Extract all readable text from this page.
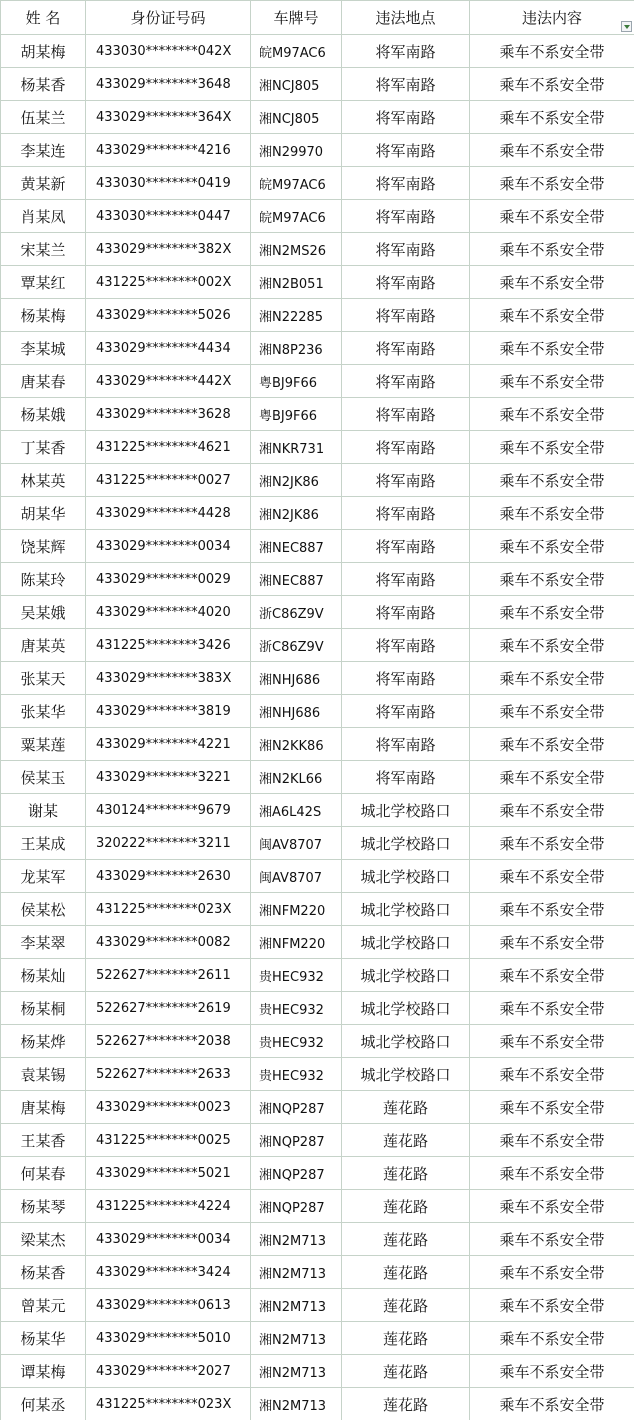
姓 名	身份证号码	车牌号	违法地点	违法内容

胡某梅	433030********042X	皖M97AC6	将军南路	乘车不系安全带
杨某香	433029********3648	湘NCJ805	将军南路	乘车不系安全带
伍某兰	433029********364X	湘NCJ805	将军南路	乘车不系安全带
李某连	433029********4216	湘N29970	将军南路	乘车不系安全带
黄某新	433030********0419	皖M97AC6	将军南路	乘车不系安全带
肖某凤	433030********0447	皖M97AC6	将军南路	乘车不系安全带
宋某兰	433029********382X	湘N2MS26	将军南路	乘车不系安全带
覃某红	431225********002X	湘N2B051	将军南路	乘车不系安全带
杨某梅	433029********5026	湘N22285	将军南路	乘车不系安全带
李某城	433029********4434	湘N8P236	将军南路	乘车不系安全带
唐某春	433029********442X	粤BJ9F66	将军南路	乘车不系安全带
杨某娥	433029********3628	粤BJ9F66	将军南路	乘车不系安全带
丁某香	431225********4621	湘NKR731	将军南路	乘车不系安全带
林某英	431225********0027	湘N2JK86	将军南路	乘车不系安全带
胡某华	433029********4428	湘N2JK86	将军南路	乘车不系安全带
饶某辉	433029********0034	湘NEC887	将军南路	乘车不系安全带
陈某玲	433029********0029	湘NEC887	将军南路	乘车不系安全带
吴某娥	433029********4020	浙C86Z9V	将军南路	乘车不系安全带
唐某英	431225********3426	浙C86Z9V	将军南路	乘车不系安全带
张某天	433029********383X	湘NHJ686	将军南路	乘车不系安全带
张某华	433029********3819	湘NHJ686	将军南路	乘车不系安全带
粟某莲	433029********4221	湘N2KK86	将军南路	乘车不系安全带
侯某玉	433029********3221	湘N2KL66	将军南路	乘车不系安全带
谢某	430124********9679	湘A6L42S	城北学校路口	乘车不系安全带
王某成	320222********3211	闽AV8707	城北学校路口	乘车不系安全带
龙某军	433029********2630	闽AV8707	城北学校路口	乘车不系安全带
侯某松	431225********023X	湘NFM220	城北学校路口	乘车不系安全带
李某翠	433029********0082	湘NFM220	城北学校路口	乘车不系安全带
杨某灿	522627********2611	贵HEC932	城北学校路口	乘车不系安全带
杨某桐	522627********2619	贵HEC932	城北学校路口	乘车不系安全带
杨某烨	522627********2038	贵HEC932	城北学校路口	乘车不系安全带
袁某锡	522627********2633	贵HEC932	城北学校路口	乘车不系安全带
唐某梅	433029********0023	湘NQP287	莲花路	乘车不系安全带
王某香	431225********0025	湘NQP287	莲花路	乘车不系安全带
何某春	433029********5021	湘NQP287	莲花路	乘车不系安全带
杨某琴	431225********4224	湘NQP287	莲花路	乘车不系安全带
梁某杰	433029********0034	湘N2M713	莲花路	乘车不系安全带
杨某香	433029********3424	湘N2M713	莲花路	乘车不系安全带
曾某元	433029********0613	湘N2M713	莲花路	乘车不系安全带
杨某华	433029********5010	湘N2M713	莲花路	乘车不系安全带
谭某梅	433029********2027	湘N2M713	莲花路	乘车不系安全带
何某丞	431225********023X	湘N2M713	莲花路	乘车不系安全带
